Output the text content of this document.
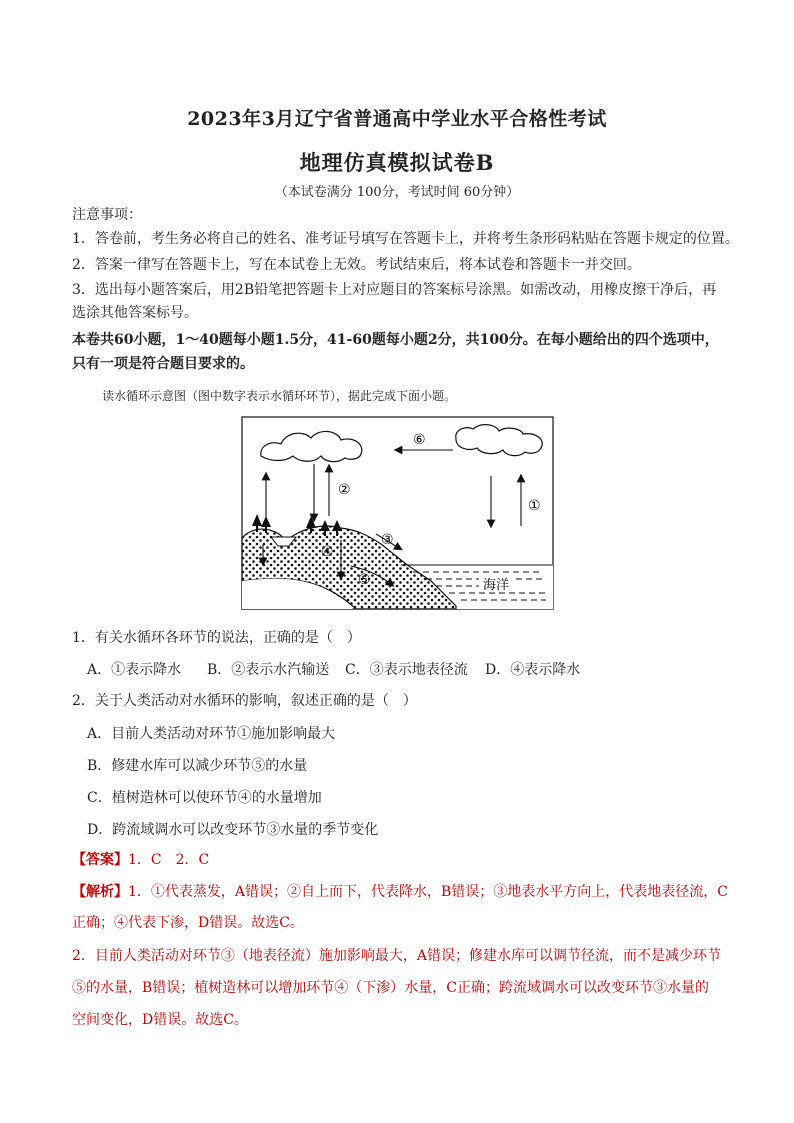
2023年3月辽宁省普通高中学业水平合格性考试
地理仿真模拟试卷B
（本试卷满分 100分，考试时间 60分钟）
注意事项：
1．答卷前，考生务必将自己的姓名、准考证号填写在答题卡上，并将考生条形码粘贴在答题卡规定的位置。
2．答案一律写在答题卡上，写在本试卷上无效。考试结束后，将本试卷和答题卡一并交回。
3．选出每小题答案后，用2B铅笔把答题卡上对应题目的答案标号涂黑。如需改动，用橡皮擦干净后，再
选涂其他答案标号。
本卷共60小题，1～40题每小题1.5分，41-60题每小题2分，共100分。在每小题给出的四个选项中，
只有一项是符合题目要求的。
读水循环示意图（图中数字表示水循环环节），据此完成下面小题。
⑥
②
①
③
④
⑤	海洋
1．有关水循环各环节的说法，正确的是（　）
A．①表示降水 B．②表示水汽输送 C．③表示地表径流 D．④表示降水
2．关于人类活动对水循环的影响，叙述正确的是（　）
A．目前人类活动对环节①施加影响最大
B．修建水库可以减少环节⑤的水量
C．植树造林可以使环节④的水量增加
D．跨流域调水可以改变环节③水量的季节变化
【答案】1．C　2．C
【解析】1．①代表蒸发，A错误；②自上而下，代表降水，B错误；③地表水平方向上，代表地表径流，C
正确；④代表下渗，D错误。故选C。
2．目前人类活动对环节③（地表径流）施加影响最大，A错误；修建水库可以调节径流，而不是减少环节
⑤的水量，B错误；植树造林可以增加环节④（下渗）水量，C正确；跨流域调水可以改变环节③水量的
空间变化，D错误。故选C。
